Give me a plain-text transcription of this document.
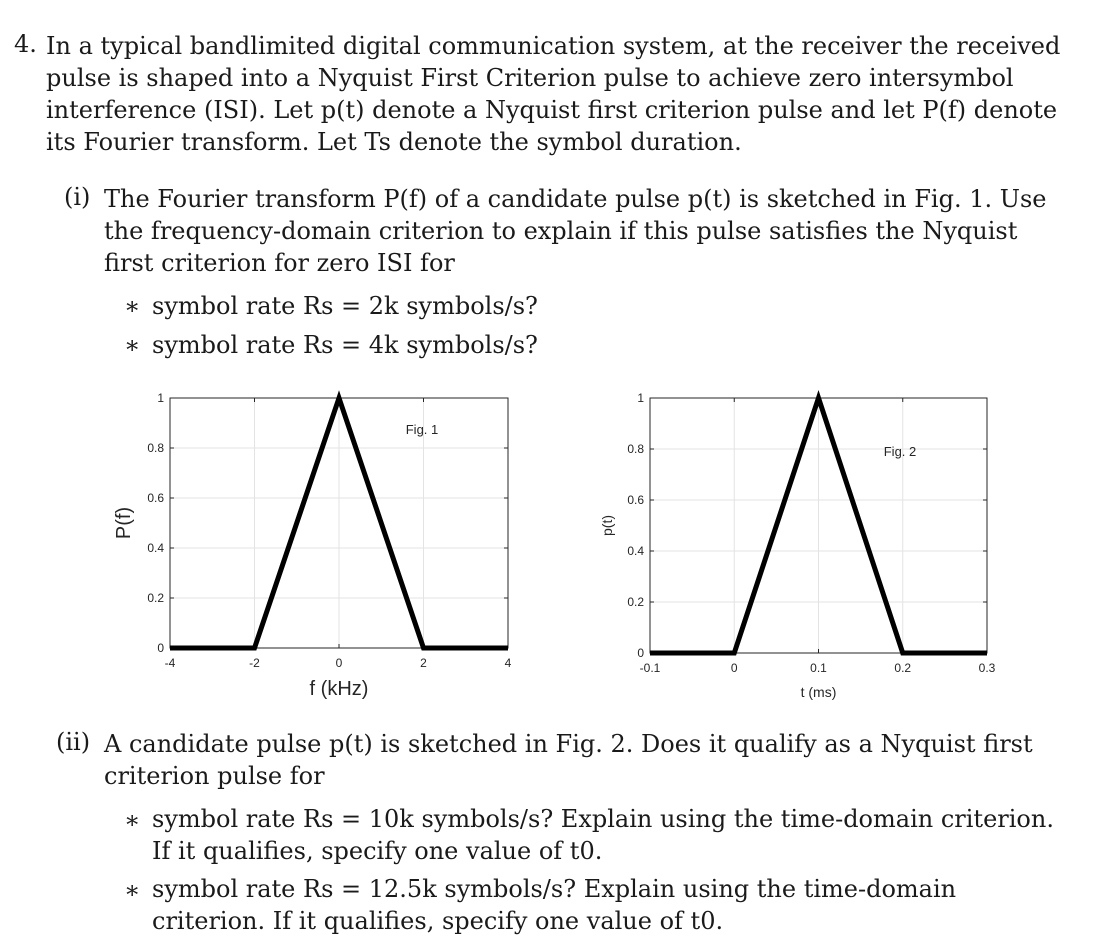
4. In a typical bandlimited digital communication system, at the receiver the received pulse is shaped into a Nyquist First Criterion pulse to achieve zero intersymbol interference (ISI). Let p(t) denote a Nyquist first criterion pulse and let P(f) denote its Fourier transform. Let Ts denote the symbol duration.
(i) The Fourier transform P(f) of a candidate pulse p(t) is sketched in Fig. 1. Use the frequency-domain criterion to explain if this pulse satisfies the Nyquist first criterion for zero ISI for
∗ symbol rate Rs = 2k symbols/s?
∗ symbol rate Rs = 4k symbols/s?
-4	-2	0	2	4
0
0.2
0.4
0.6
0.8
1
Fig. 1
f (kHz)
P(f)
-0.1	0	0.1	0.2	0.3
0
0.2
0.4
0.6
0.8
1
Fig. 2
t (ms)
p(t)
(ii) A candidate pulse p(t) is sketched in Fig. 2. Does it qualify as a Nyquist first criterion pulse for
∗ symbol rate Rs = 10k symbols/s? Explain using the time-domain criterion. If it qualifies, specify one value of t0.
∗ symbol rate Rs = 12.5k symbols/s? Explain using the time-domain criterion. If it qualifies, specify one value of t0.
